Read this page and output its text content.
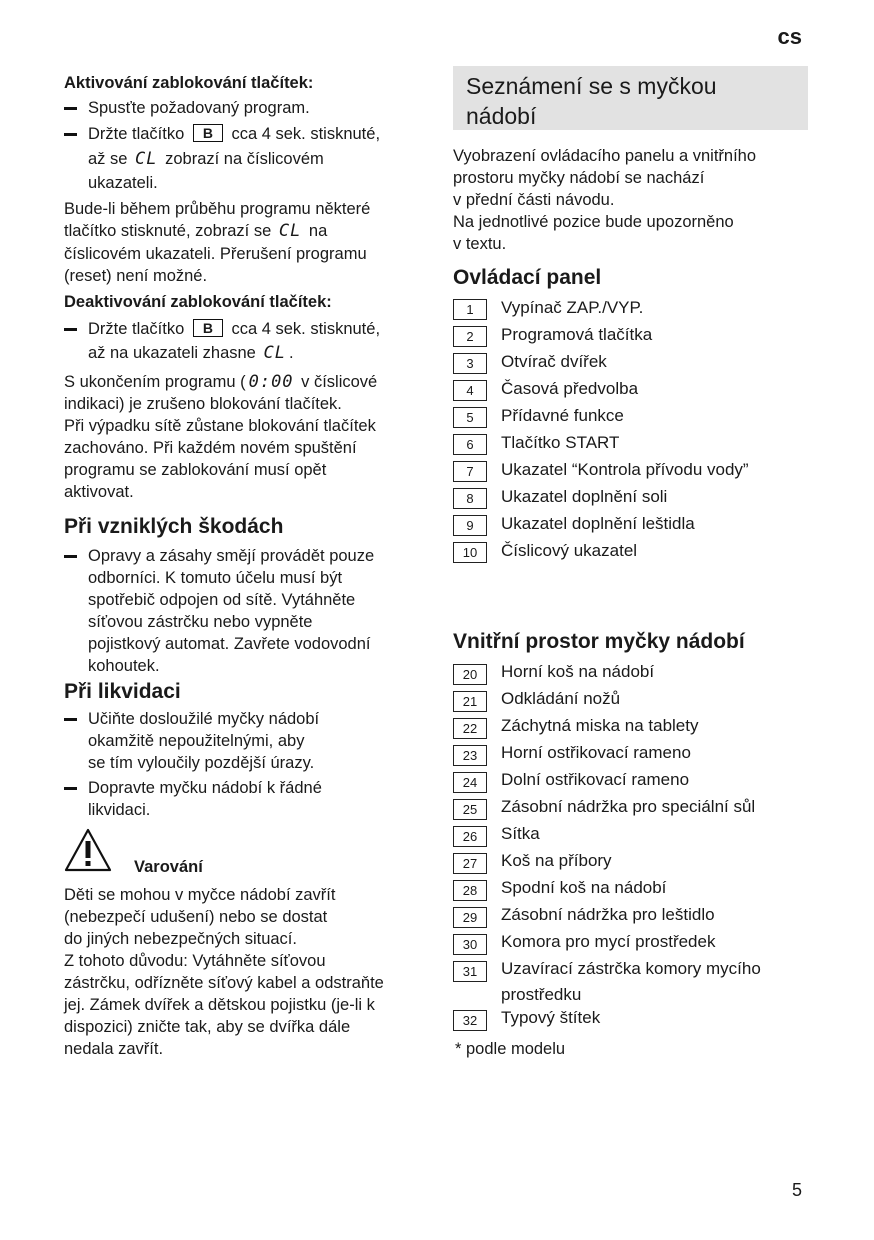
cs
5
Aktivování zablokování tlačítek:
Spusťte požadovaný program.
Držte tlačítko B cca 4 sek. stisknuté,
až se CL zobrazí na číslicovém
ukazateli.
Bude-li během průběhu programu některé
tlačítko stisknuté, zobrazí se CL na
číslicovém ukazateli. Přerušení programu
(reset) není možné.
Deaktivování zablokování tlačítek:
Držte tlačítko B cca 4 sek. stisknuté,
až na ukazateli zhasne CL .
S ukončením programu ( 0:00 v číslicové
indikaci) je zrušeno blokování tlačítek.
Při výpadku sítě zůstane blokování tlačítek
zachováno. Při každém novém spuštění
programu se zablokování musí opět
aktivovat.
Při vzniklých škodách
Opravy a zásahy smějí provádět pouze
odborníci. K tomuto účelu musí být
spotřebič odpojen od sítě. Vytáhněte
síťovou zástrčku nebo vypněte
pojistkový automat. Zavřete vodovodní
kohoutek.
Při likvidaci
Učiňte dosloužilé myčky nádobí
okamžitě nepoužitelnými, aby
se tím vyloučily pozdější úrazy.
Dopravte myčku nádobí k řádné
likvidaci.
Varování
Děti se mohou v myčce nádobí zavřít
(nebezpečí udušení) nebo se dostat
do jiných nebezpečných situací.
Z tohoto důvodu: Vytáhněte síťovou
zástrčku, odřízněte síťový kabel a odstraňte
jej. Zámek dvířek a dětskou pojistku (je-li k
dispozici) zničte tak, aby se dvířka dále
nedala zavřít.
Seznámení se s myčkou
nádobí
Vyobrazení ovládacího panelu a vnitřního
prostoru myčky nádobí se nachází
v přední části návodu.
Na jednotlivé pozice bude upozorněno
v textu.
Ovládací panel
1	Vypínač ZAP./VYP.
2	Programová tlačítka
3	Otvírač dvířek
4	Časová předvolba
5	Přídavné funkce
6	Tlačítko START
7	Ukazatel “Kontrola přívodu vody”
8	Ukazatel doplnění soli
9	Ukazatel doplnění leštidla
10	Číslicový ukazatel
Vnitřní prostor myčky nádobí
20	Horní koš na nádobí
21	Odkládání nožů
22	Záchytná miska na tablety
23	Horní ostřikovací rameno
24	Dolní ostřikovací rameno
25	Zásobní nádržka pro speciální sůl
26	Sítka
27	Koš na příbory
28	Spodní koš na nádobí
29	Zásobní nádržka pro leštidlo
30	Komora pro mycí prostředek
31	Uzavírací zástrčka komory mycího
prostředku
32	Typový štítek
* podle modelu
